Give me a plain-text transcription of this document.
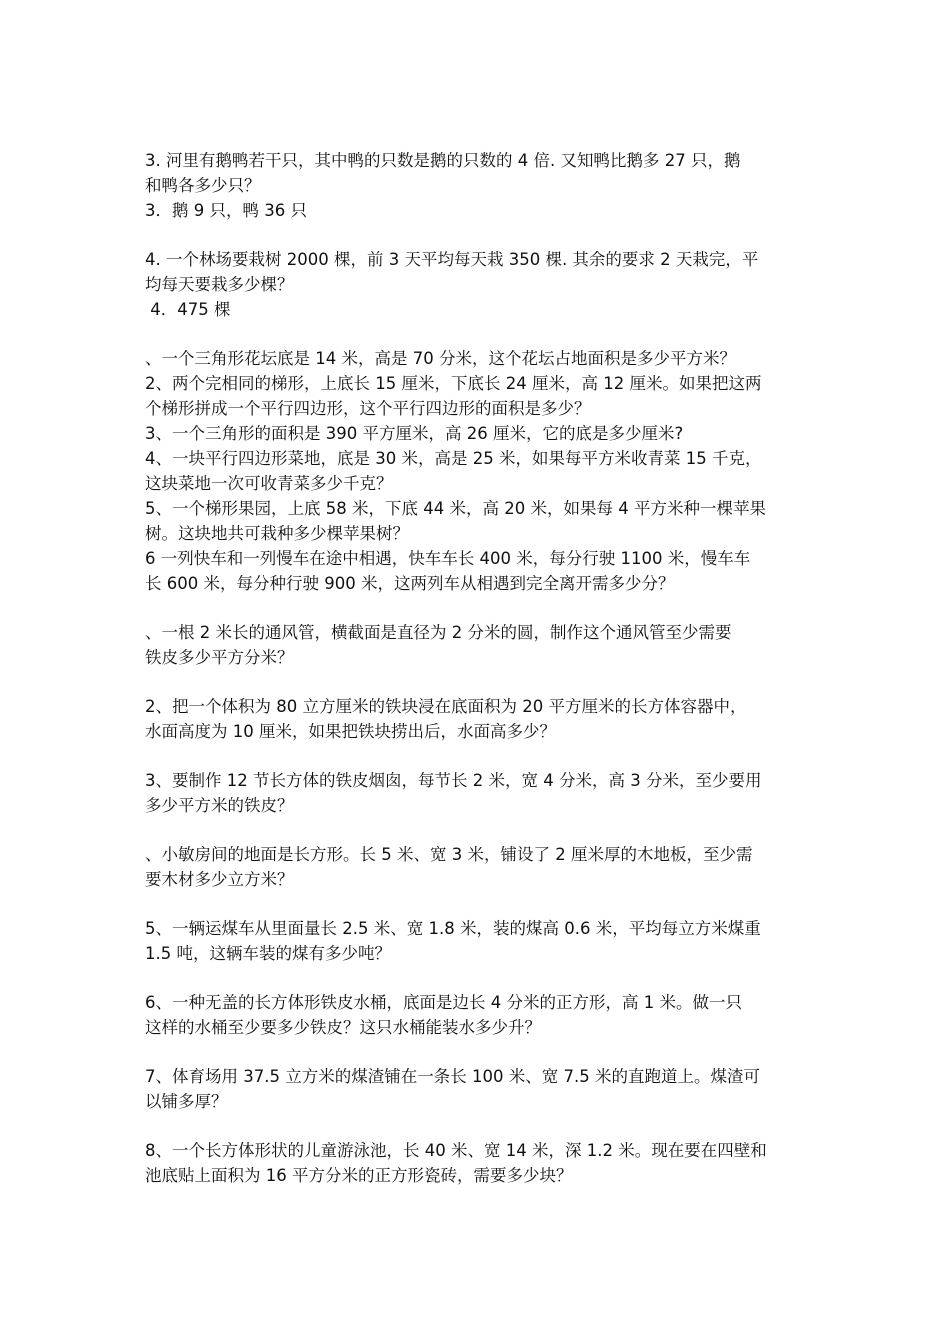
3. 河里有鹅鸭若干只，其中鸭的只数是鹅的只数的 4 倍. 又知鸭比鹅多 27 只，鹅
和鸭各多少只？
3．鹅 9 只，鸭 36 只
4. 一个林场要栽树 2000 棵，前 3 天平均每天栽 350 棵. 其余的要求 2 天栽完，平
均每天要栽多少棵？
4．475 棵
、一个三角形花坛底是 14 米，高是 70 分米，这个花坛占地面积是多少平方米？
2、两个完相同的梯形，上底长 15 厘米，下底长 24 厘米，高 12 厘米。如果把这两
个梯形拼成一个平行四边形，这个平行四边形的面积是多少？
3、一个三角形的面积是 390 平方厘米，高 26 厘米，它的底是多少厘米?
4、一块平行四边形菜地，底是 30 米，高是 25 米，如果每平方米收青菜 15 千克，
这块菜地一次可收青菜多少千克？
5、一个梯形果园，上底 58 米，下底 44 米，高 20 米，如果每 4 平方米种一棵苹果
树。这块地共可栽种多少棵苹果树？
6 一列快车和一列慢车在途中相遇，快车车长 400 米，每分行驶 1100 米，慢车车
长 600 米，每分种行驶 900 米，这两列车从相遇到完全离开需多少分？
、一根 2 米长的通风管，横截面是直径为 2 分米的圆，制作这个通风管至少需要
铁皮多少平方分米？
2、把一个体积为 80 立方厘米的铁块浸在底面积为 20 平方厘米的长方体容器中，
水面高度为 10 厘米，如果把铁块捞出后，水面高多少？
3、要制作 12 节长方体的铁皮烟囱，每节长 2 米，宽 4 分米，高 3 分米，至少要用
多少平方米的铁皮？
、小敏房间的地面是长方形。长 5 米、宽 3 米，铺设了 2 厘米厚的木地板，至少需
要木材多少立方米？
5、一辆运煤车从里面量长 2.5 米、宽 1.8 米，装的煤高 0.6 米，平均每立方米煤重
1.5 吨，这辆车装的煤有多少吨？
6、一种无盖的长方体形铁皮水桶，底面是边长 4 分米的正方形，高 1 米。做一只
这样的水桶至少要多少铁皮？这只水桶能装水多少升？
7、体育场用 37.5 立方米的煤渣铺在一条长 100 米、宽 7.5 米的直跑道上。煤渣可
以铺多厚？
8、一个长方体形状的儿童游泳池，长 40 米、宽 14 米，深 1.2 米。现在要在四壁和
池底贴上面积为 16 平方分米的正方形瓷砖，需要多少块？
